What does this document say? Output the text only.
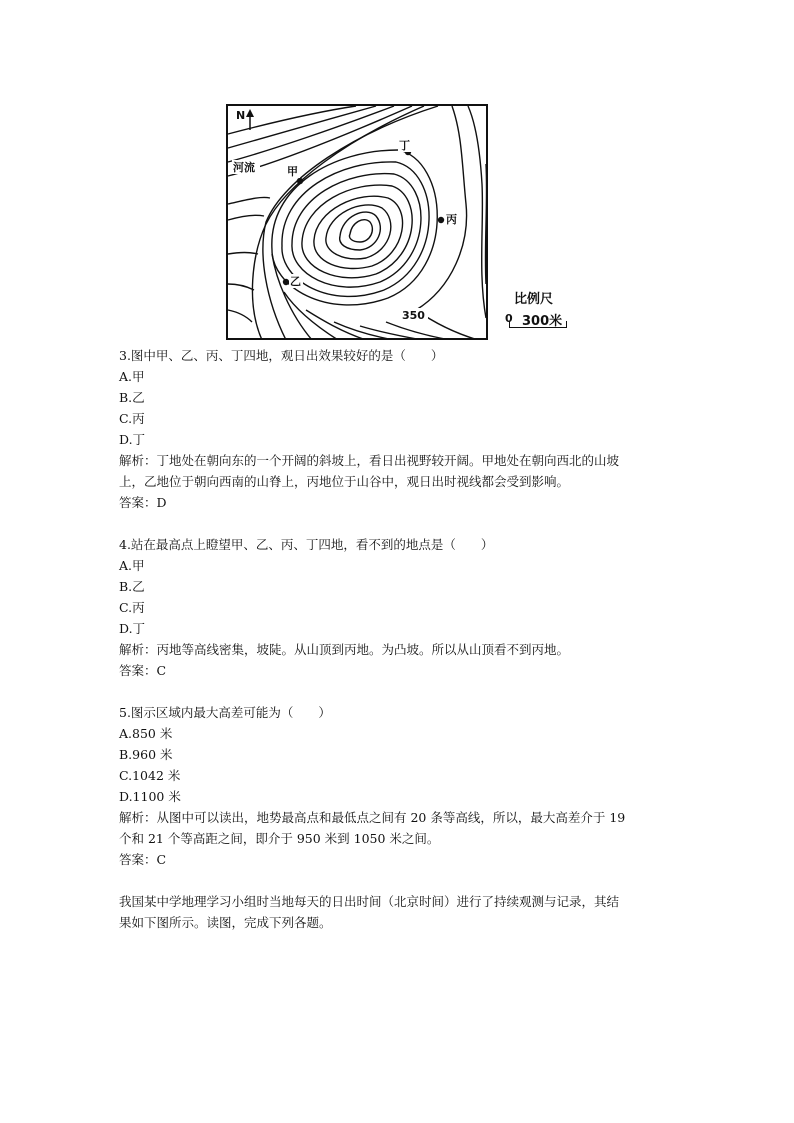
N
河流	甲
乙
丙
丁
350
比例尺
0 300米
3.图中甲、乙、丙、丁四地，观日出效果较好的是（　　）
A.甲
B.乙
C.丙
D.丁
解析：丁地处在朝向东的一个开阔的斜坡上，看日出视野较开阔。甲地处在朝向西北的山坡
上，乙地位于朝向西南的山脊上，丙地位于山谷中，观日出时视线都会受到影响。
答案：D
4.站在最高点上瞪望甲、乙、丙、丁四地，看不到的地点是（　　）
A.甲
B.乙
C.丙
D.丁
解析：丙地等高线密集，坡陡。从山顶到丙地。为凸坡。所以从山顶看不到丙地。
答案：C
5.图示区域内最大高差可能为（　　）
A.850 米
B.960 米
C.1042 米
D.1100 米
解析：从图中可以读出，地势最高点和最低点之间有 20 条等高线，所以，最大高差介于 19
个和 21 个等高距之间，即介于 950 米到 1050 米之间。
答案：C
我国某中学地理学习小组时当地每天的日出时间（北京时间）进行了持续观测与记录，其结
果如下图所示。读图，完成下列各题。
